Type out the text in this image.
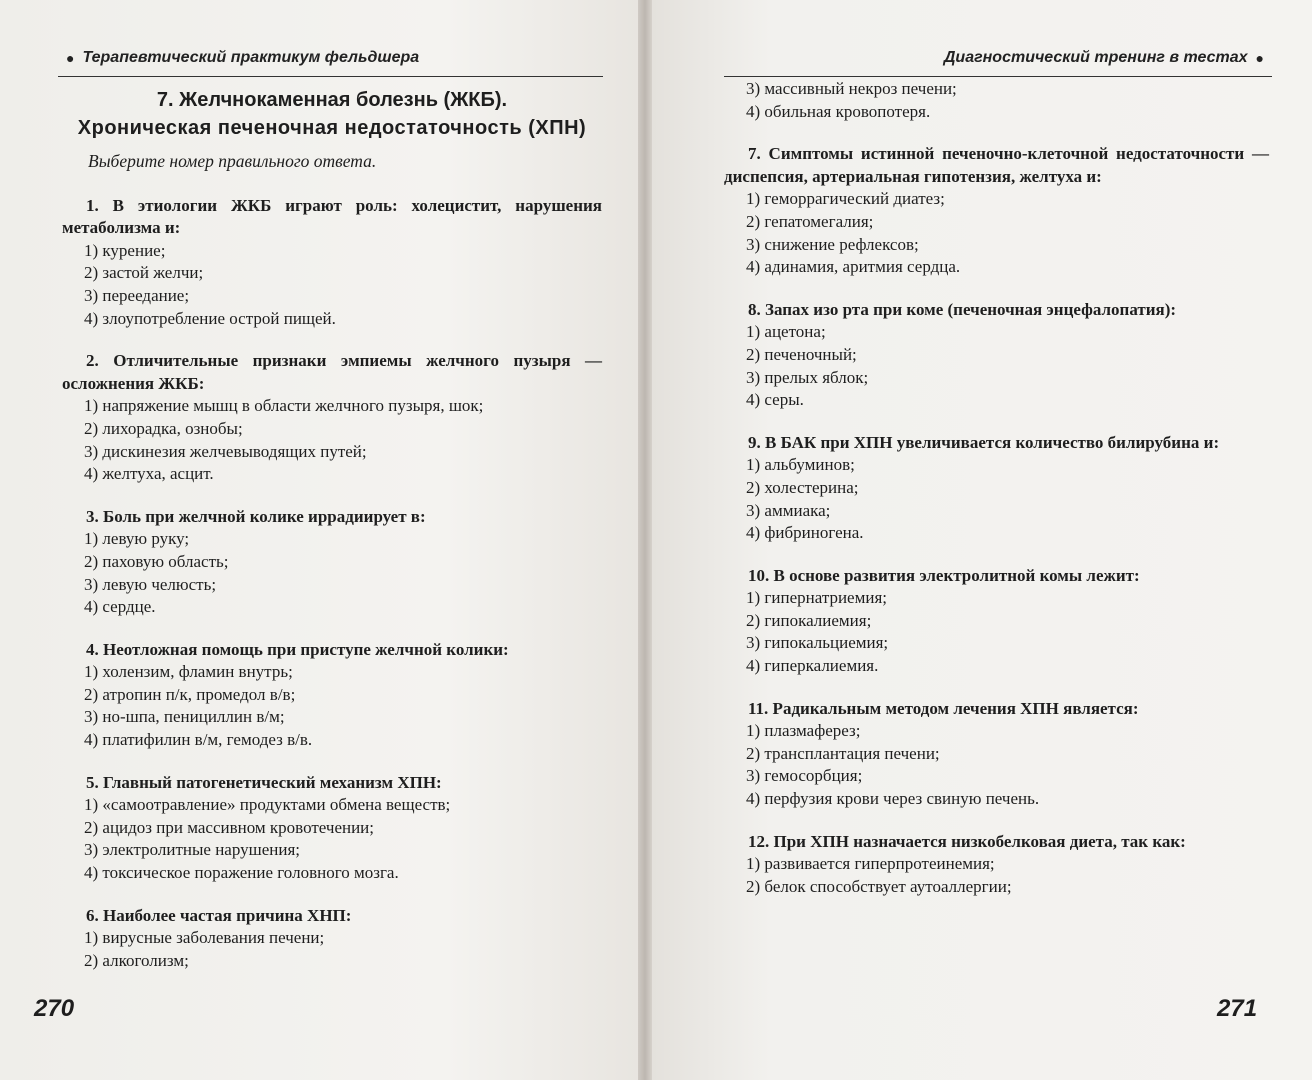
● Терапевтический практикум фельдшера
7. Желчнокаменная болезнь (ЖКБ).
Хроническая печеночная недостаточность (ХПН)
Выберите номер правильного ответа.
1. В этиологии ЖКБ играют роль: холецистит, нарушения метаболизма и:
1) курение;
2) застой желчи;
3) переедание;
4) злоупотребление острой пищей.
2. Отличительные признаки эмпиемы желчного пузыря — осложнения ЖКБ:
1) напряжение мышц в области желчного пузыря, шок;
2) лихорадка, ознобы;
3) дискинезия желчевыводящих путей;
4) желтуха, асцит.
3. Боль при желчной колике иррадиирует в:
1) левую руку;
2) паховую область;
3) левую челюсть;
4) сердце.
4. Неотложная помощь при приступе желчной колики:
1) холензим, фламин внутрь;
2) атропин п/к, промедол в/в;
3) но-шпа, пенициллин в/м;
4) платифилин в/м, гемодез в/в.
5. Главный патогенетический механизм ХПН:
1) «самоотравление» продуктами обмена веществ;
2) ацидоз при массивном кровотечении;
3) электролитные нарушения;
4) токсическое поражение головного мозга.
6. Наиболее частая причина ХНП:
1) вирусные заболевания печени;
2) алкоголизм;
270
Диагностический тренинг в тестах ●
3) массивный некроз печени;
4) обильная кровопотеря.
7. Симптомы истинной печеночно-клеточной недостаточности — диспепсия, артериальная гипотензия, желтуха и:
1) геморрагический диатез;
2) гепатомегалия;
3) снижение рефлексов;
4) адинамия, аритмия сердца.
8. Запах изо рта при коме (печеночная энцефалопатия):
1) ацетона;
2) печеночный;
3) прелых яблок;
4) серы.
9. В БАК при ХПН увеличивается количество билирубина и:
1) альбуминов;
2) холестерина;
3) аммиака;
4) фибриногена.
10. В основе развития электролитной комы лежит:
1) гипернатриемия;
2) гипокалиемия;
3) гипокальциемия;
4) гиперкалиемия.
11. Радикальным методом лечения ХПН является:
1) плазмаферез;
2) трансплантация печени;
3) гемосорбция;
4) перфузия крови через свиную печень.
12. При ХПН назначается низкобелковая диета, так как:
1) развивается гиперпротеинемия;
2) белок способствует аутоаллергии;
271
